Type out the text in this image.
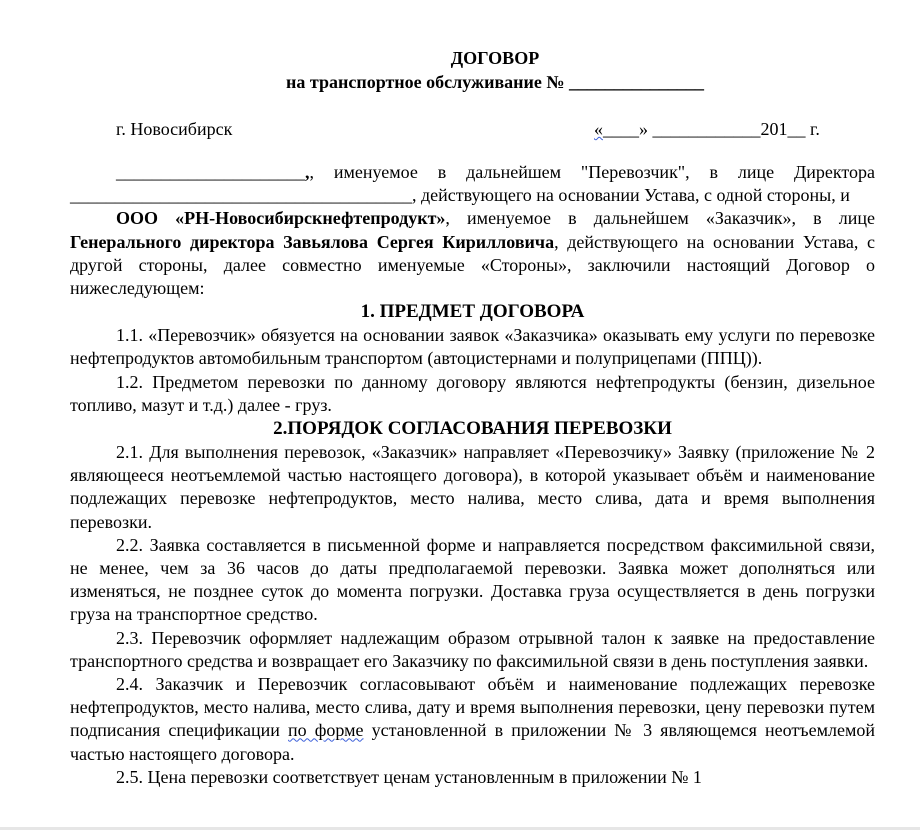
ДОГОВОР
на транспортное обслуживание № _______________
г. Новосибирск	«____» ____________201__ г.

_____________________,, именуемое в дальнейшем "Перевозчик", в лице Директора ______________________________________, действующего на основании Устава, с одной стороны, и

ООО «РН-Новосибирскнефтепродукт», именуемое в дальнейшем «Заказчик», в лице Генерального директора Завьялова Сергея Кирилловича, действующего на основании Устава, с другой стороны, далее совместно именуемые «Стороны», заключили настоящий Договор о нижеследующем:

1. ПРЕДМЕТ ДОГОВОРА

1.1. «Перевозчик» обязуется на основании заявок «Заказчика» оказывать ему услуги по перевозке нефтепродуктов автомобильным транспортом (автоцистернами и полуприцепами (ППЦ)).

1.2. Предметом перевозки по данному договору являются нефтепродукты (бензин, дизельное топливо, мазут и т.д.) далее - груз.

2.ПОРЯДОК СОГЛАСОВАНИЯ ПЕРЕВОЗКИ

2.1. Для выполнения перевозок, «Заказчик» направляет «Перевозчику» Заявку (приложение № 2 являющееся неотъемлемой частью настоящего договора), в которой указывает объём и наименование подлежащих перевозке нефтепродуктов, место налива, место слива, дата и время выполнения перевозки.

2.2. Заявка составляется в письменной форме и направляется посредством факсимильной связи, не менее, чем за 36 часов до даты предполагаемой перевозки. Заявка может дополняться или изменяться, не позднее суток до момента погрузки. Доставка груза осуществляется в день погрузки груза на транспортное средство.

2.3. Перевозчик оформляет надлежащим образом отрывной талон к заявке на предоставление транспортного средства и возвращает его Заказчику по факсимильной связи в день поступления заявки.

2.4. Заказчик и Перевозчик согласовывают объём и наименование подлежащих перевозке нефтепродуктов, место налива, место слива, дату и время выполнения перевозки, цену перевозки путем подписания спецификации по форме установленной в приложении № 3 являющемся неотъемлемой частью настоящего договора.

2.5. Цена перевозки соответствует ценам установленным в приложении № 1
